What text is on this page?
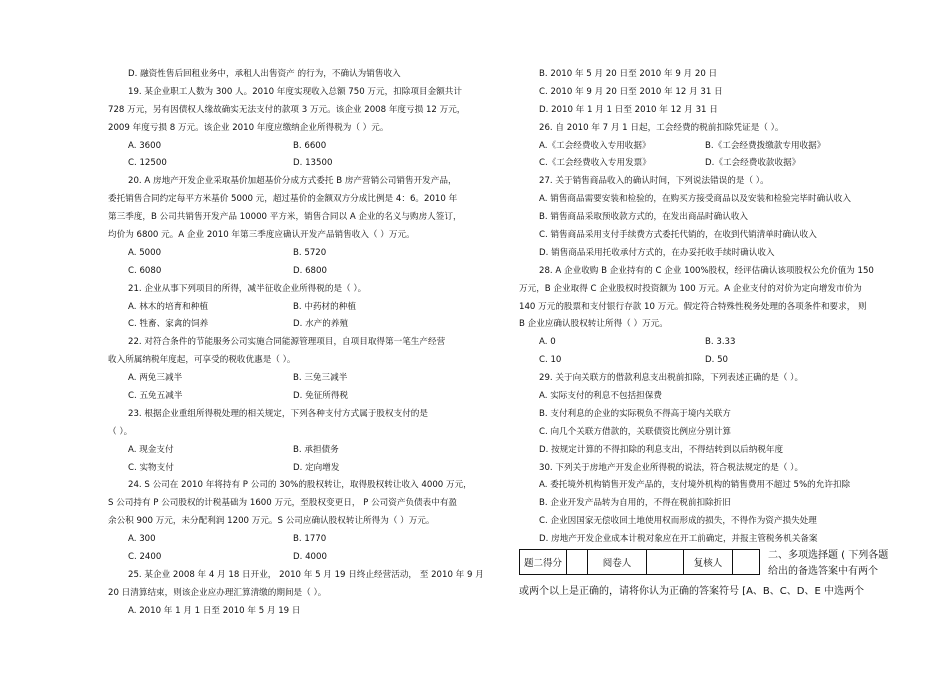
D. 融资性售后回租业务中，承租人出售资产 的行为，不确认为销售收入
19. 某企业职工人数为 300 人。2010 年度实现收入总额 750 万元，扣除项目金额共计
728 万元，另有因债权人缘故确实无法支付的款项 3 万元。该企业 2008 年度亏损 12 万元，
2009 年度亏损 8 万元。该企业 2010 年度应缴纳企业所得税为（ ）元。
A. 3600	B. 6600
C. 12500	D. 13500
20. A 房地产开发企业采取基价加超基价分成方式委托 B 房产营销公司销售开发产品，
委托销售合同约定每平方米基价 5000 元，超过基价的金额双方分成比例是 4：6。2010 年
第三季度，B 公司共销售开发产品 10000 平方米，销售合同以 A 企业的名义与购房人签订，
均价为 6800 元。A 企业 2010 年第三季度应确认开发产品销售收入（ ）万元。
A. 5000	B. 5720
C. 6080	D. 6800
21. 企业从事下列项目的所得，减半征收企业所得税的是（ ）。
A. 林木的培育和种植	B. 中药材的种植
C. 牲畜、家禽的饲养	D. 水产的养殖
22. 对符合条件的节能服务公司实施合同能源管理项目，自项目取得第一笔生产经营
收入所属纳税年度起，可享受的税收优惠是（ ）。
A. 两免三减半	B. 三免三减半
C. 五免五减半	D. 免征所得税
23. 根据企业重组所得税处理的相关规定，下列各种支付方式属于股权支付的是
（ ）。
A. 现金支付	B. 承担债务
C. 实物支付	D. 定向增发
24. S 公司在 2010 年将持有 P 公司的 30%的股权转让，取得股权转让收入 4000 万元，
S 公司持有 P 公司股权的计税基础为 1600 万元，至股权变更日， P 公司资产负债表中有盈
余公积 900 万元，未分配利润 1200 万元。S 公司应确认股权转让所得为（ ）万元。
A. 300	B. 1770
C. 2400	D. 4000
25. 某企业 2008 年 4 月 18 日开业， 2010 年 5 月 19 日终止经营活动， 至 2010 年 9 月
20 日清算结束，则该企业应办理汇算清缴的期间是（ ）。
A. 2010 年 1 月 1 日至 2010 年 5 月 19 日
B. 2010 年 5 月 20 日至 2010 年 9 月 20 日
C. 2010 年 9 月 20 日至 2010 年 12 月 31 日
D. 2010 年 1 月 1 日至 2010 年 12 月 31 日
26. 自 2010 年 7 月 1 日起，工会经费的税前扣除凭证是（ ）。
A.《工会经费收入专用收据》	B.《工会经费拨缴款专用收据》
C.《工会经费收入专用发票》	D.《工会经费收款收据》
27. 关于销售商品收入的确认时间，下列说法错误的是（ ）。
A. 销售商品需要安装和检验的，在购买方接受商品以及安装和检验完毕时确认收入
B. 销售商品采取预收款方式的，在发出商品时确认收入
C. 销售商品采用支付手续费方式委托代销的，在收到代销清单时确认收入
D. 销售商品采用托收承付方式的，在办妥托收手续时确认收入
28. A 企业收购 B 企业持有的 C 企业 100%股权，经评估确认该项股权公允价值为 150
万元，B 企业取得 C 企业股权时投资额为 100 万元。A 企业支付的对价为定向增发市价为
140 万元的股票和支付银行存款 10 万元。假定符合特殊性税务处理的各项条件和要求， 则
B 企业应确认股权转让所得（ ）万元。
A. 0	B. 3.33
C. 10	D. 50
29. 关于向关联方的借款利息支出税前扣除，下列表述正确的是（ ）。
A. 实际支付的利息不包括担保费
B. 支付利息的企业的实际税负不得高于境内关联方
C. 向几个关联方借款的，关联债资比例应分别计算
D. 按规定计算的不得扣除的利息支出，不得结转到以后纳税年度
30. 下列关于房地产开发企业所得税的说法，符合税法规定的是（ ）。
A. 委托境外机构销售开发产品的，支付境外机构的销售费用不超过 5%的允许扣除
B. 企业开发产品转为自用的，不得在税前扣除折旧
C. 企业因国家无偿收回土地使用权而形成的损失，不得作为资产损失处理
D. 房地产开发企业成本计税对象应在开工前确定，并报主管税务机关备案
题二得分	阅卷人	复核人
二、多项选择题 ( 下列各题给出的备选答案中有两个
或两个以上是正确的，请将你认为正确的答案符号 [A、B、C、D、E 中选两个
